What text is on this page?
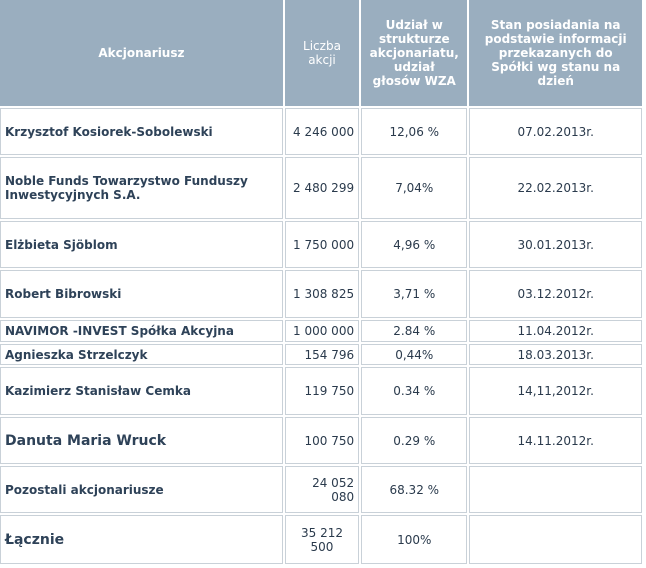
Akcjonariusz	Liczba akcji	Udział w strukturze akcjonariatu, udział głosów WZA	Stan posiadania na podstawie informacji przekazanych do Spółki wg stanu na dzień
Krzysztof Kosiorek-Sobolewski	4 246 000	12,06 %	07.02.2013r.
Noble Funds Towarzystwo Funduszy Inwestycyjnych S.A.	2 480 299	7,04%	22.02.2013r.
Elżbieta Sjöblom	1 750 000	4,96 %	30.01.2013r.
Robert Bibrowski	1 308 825	3,71 %	03.12.2012r.
NAVIMOR -INVEST Spółka Akcyjna	1 000 000	2.84 %	11.04.2012r.
Agnieszka Strzelczyk	154 796	0,44%	18.03.2013r.
Kazimierz Stanisław Cemka	119 750	0.34 %	14,11,2012r.
Danuta Maria Wruck	100 750	0.29 %	14.11.2012r.
Pozostali akcjonariusze	24 052 080	68.32 %	
Łącznie	35 212 500	100%	
